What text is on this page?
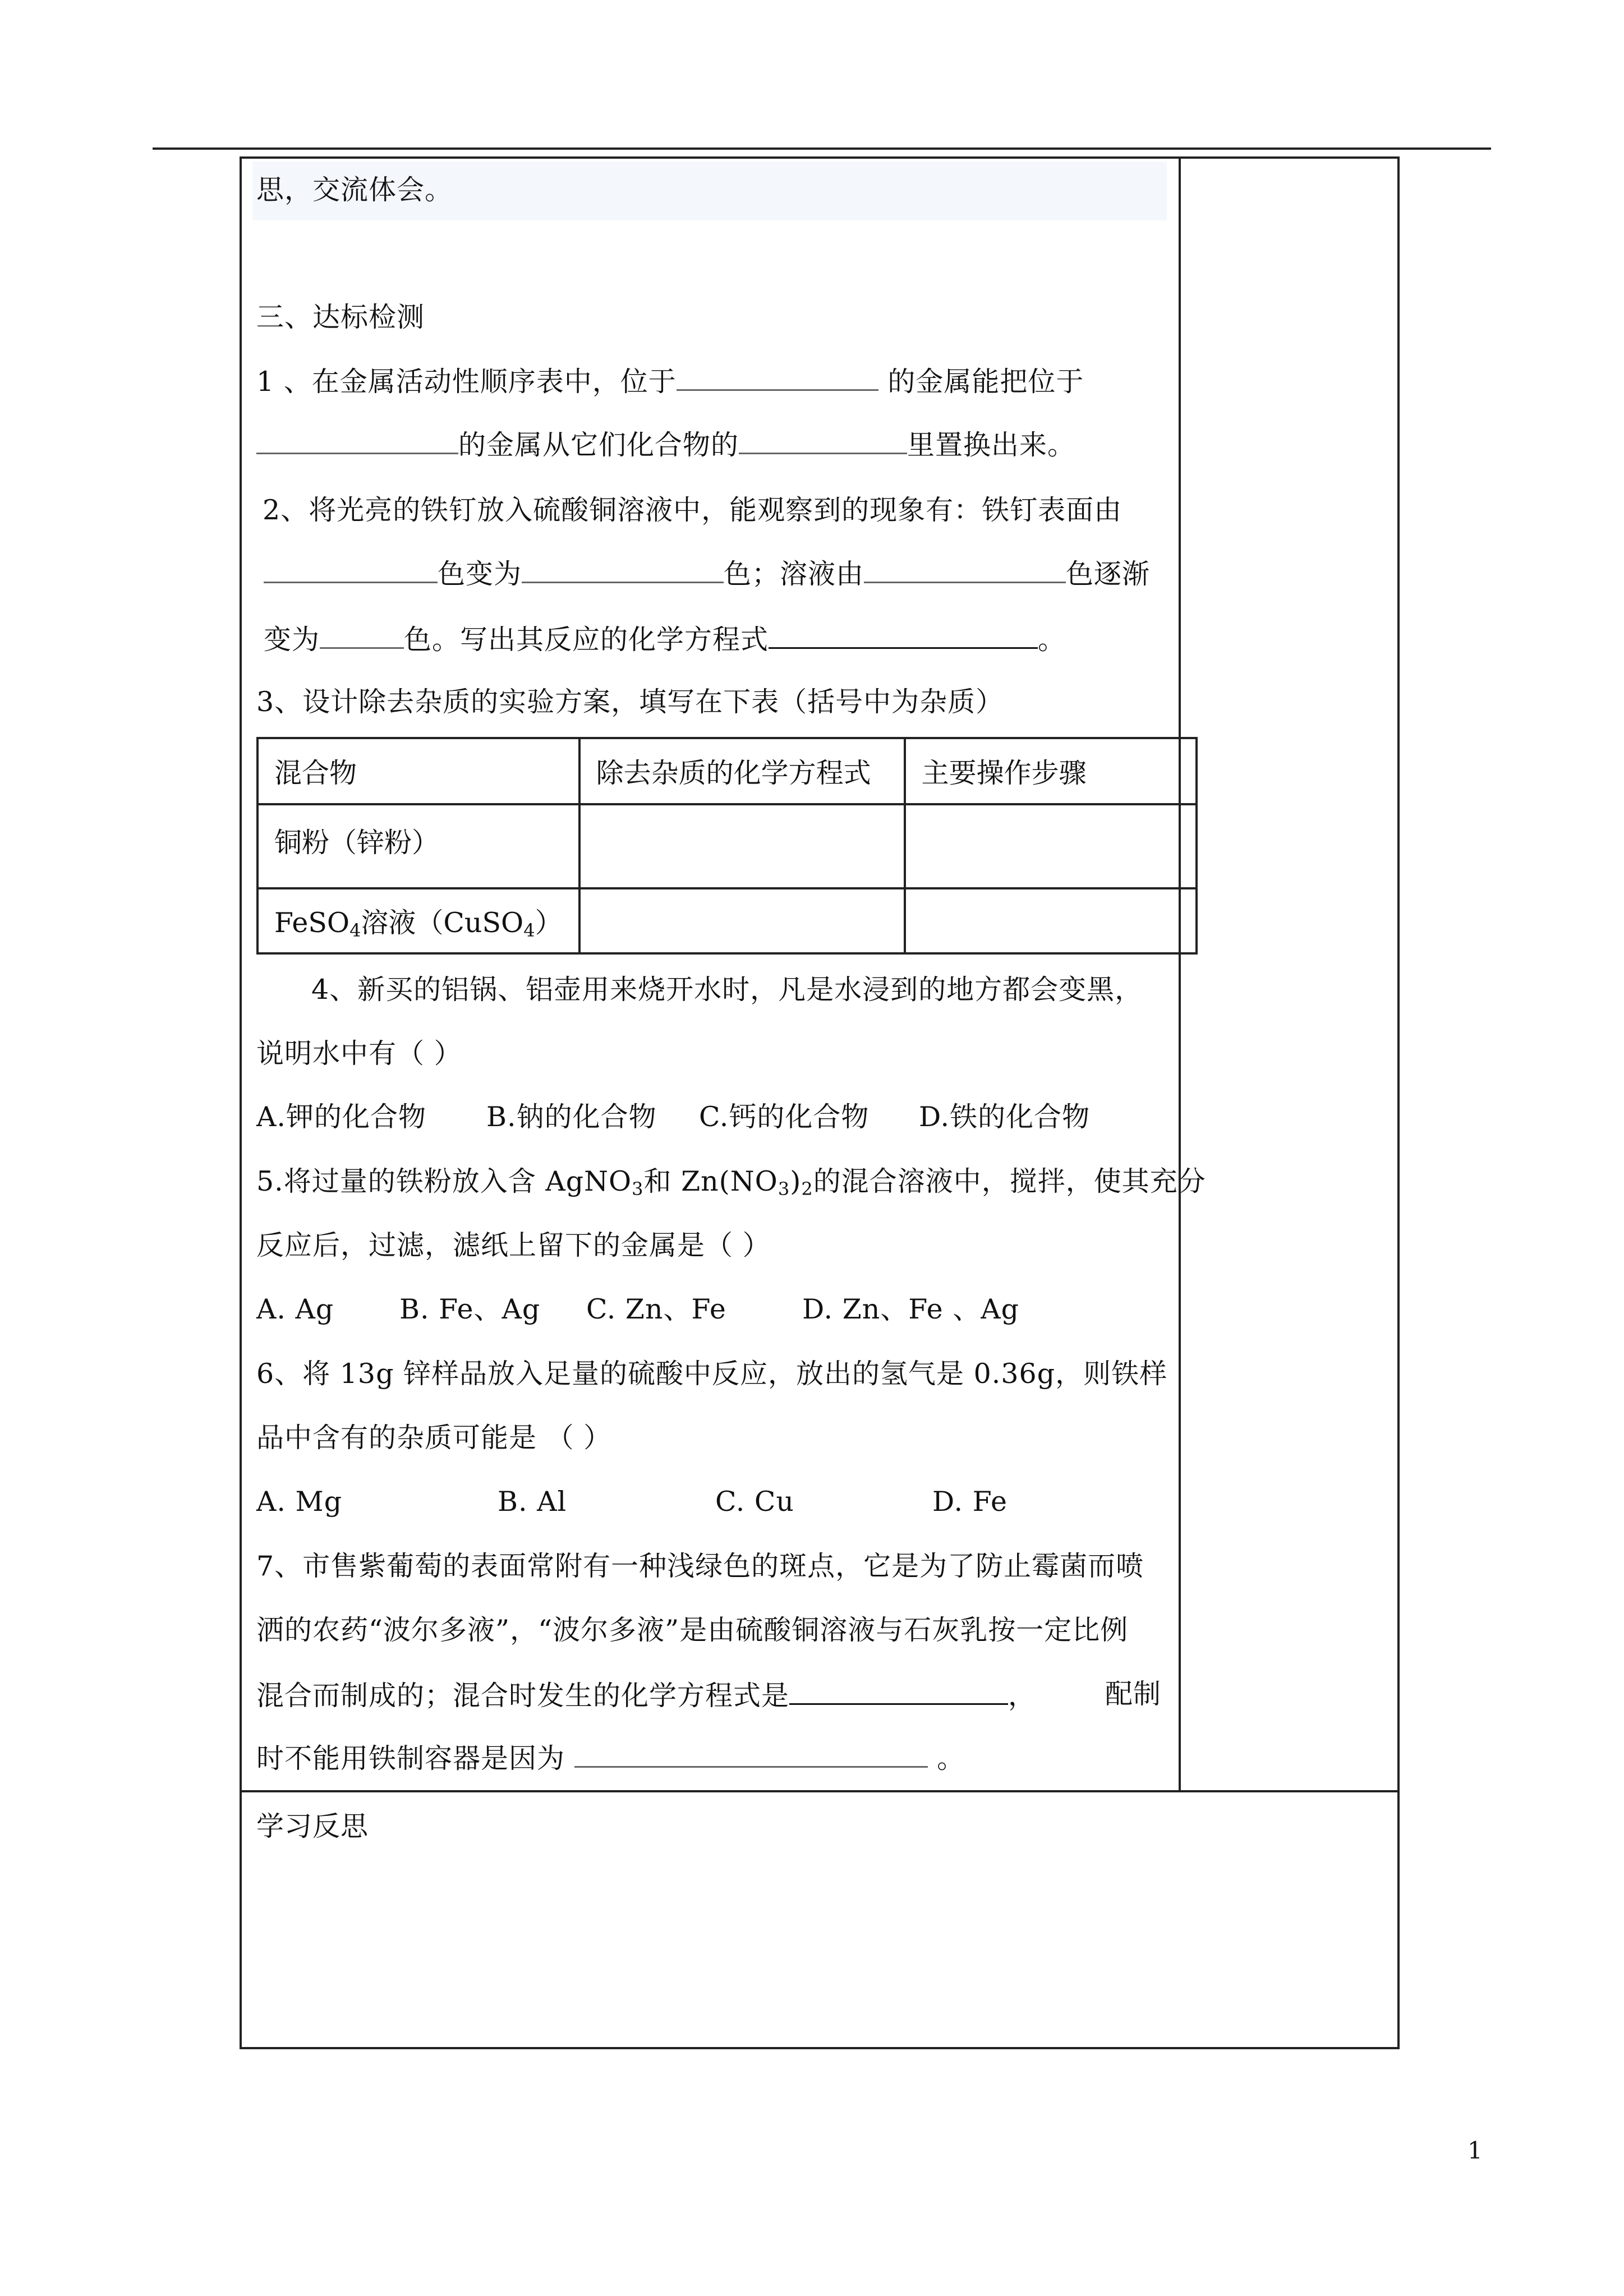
思，交流体会。
三、达标检测
1 、在金属活动性顺序表中，位于	的金属能把位于
的金属从它们化合物的	里置换出来。
2、将光亮的铁钉放入硫酸铜溶液中，能观察到的现象有：铁钉表面由
色变为	色；溶液由	色逐渐
变为	色。写出其反应的化学方程式	。
3、设计除去杂质的实验方案，填写在下表（括号中为杂质）
混合物	除去杂质的化学方程式	主要操作步骤
铜粉（锌粉）		
FeSO$_4$溶液（CuSO$_4$）		
4、新买的铝锅、铝壶用来烧开水时，凡是水浸到的地方都会变黑，
说明水中有（ ）
A.钾的化合物 B.钠的化合物 C.钙的化合物 D.铁的化合物
5.将过量的铁粉放入含 AgNO$_3$和 $Zn(NO_3)_2$的混合溶液中，搅拌，使其充分
反应后，过滤，滤纸上留下的金属是（ ）
A. Ag B. Fe、Ag C. Zn、Fe	D. Zn、Fe 、Ag
6、将 13g 锌样品放入足量的硫酸中反应，放出的氢气是 0.36g，则铁样
品中含有的杂质可能是 （ ）
A. Mg	B. Al	C. Cu	D. Fe
7、市售紫葡萄的表面常附有一种浅绿色的斑点，它是为了防止霉菌而喷
洒的农药“波尔多液”，“波尔多液”是由硫酸铜溶液与石灰乳按一定比例
混合而制成的；混合时发生的化学方程式是	，	配制
时不能用铁制容器是因为	。
学习反思
1
